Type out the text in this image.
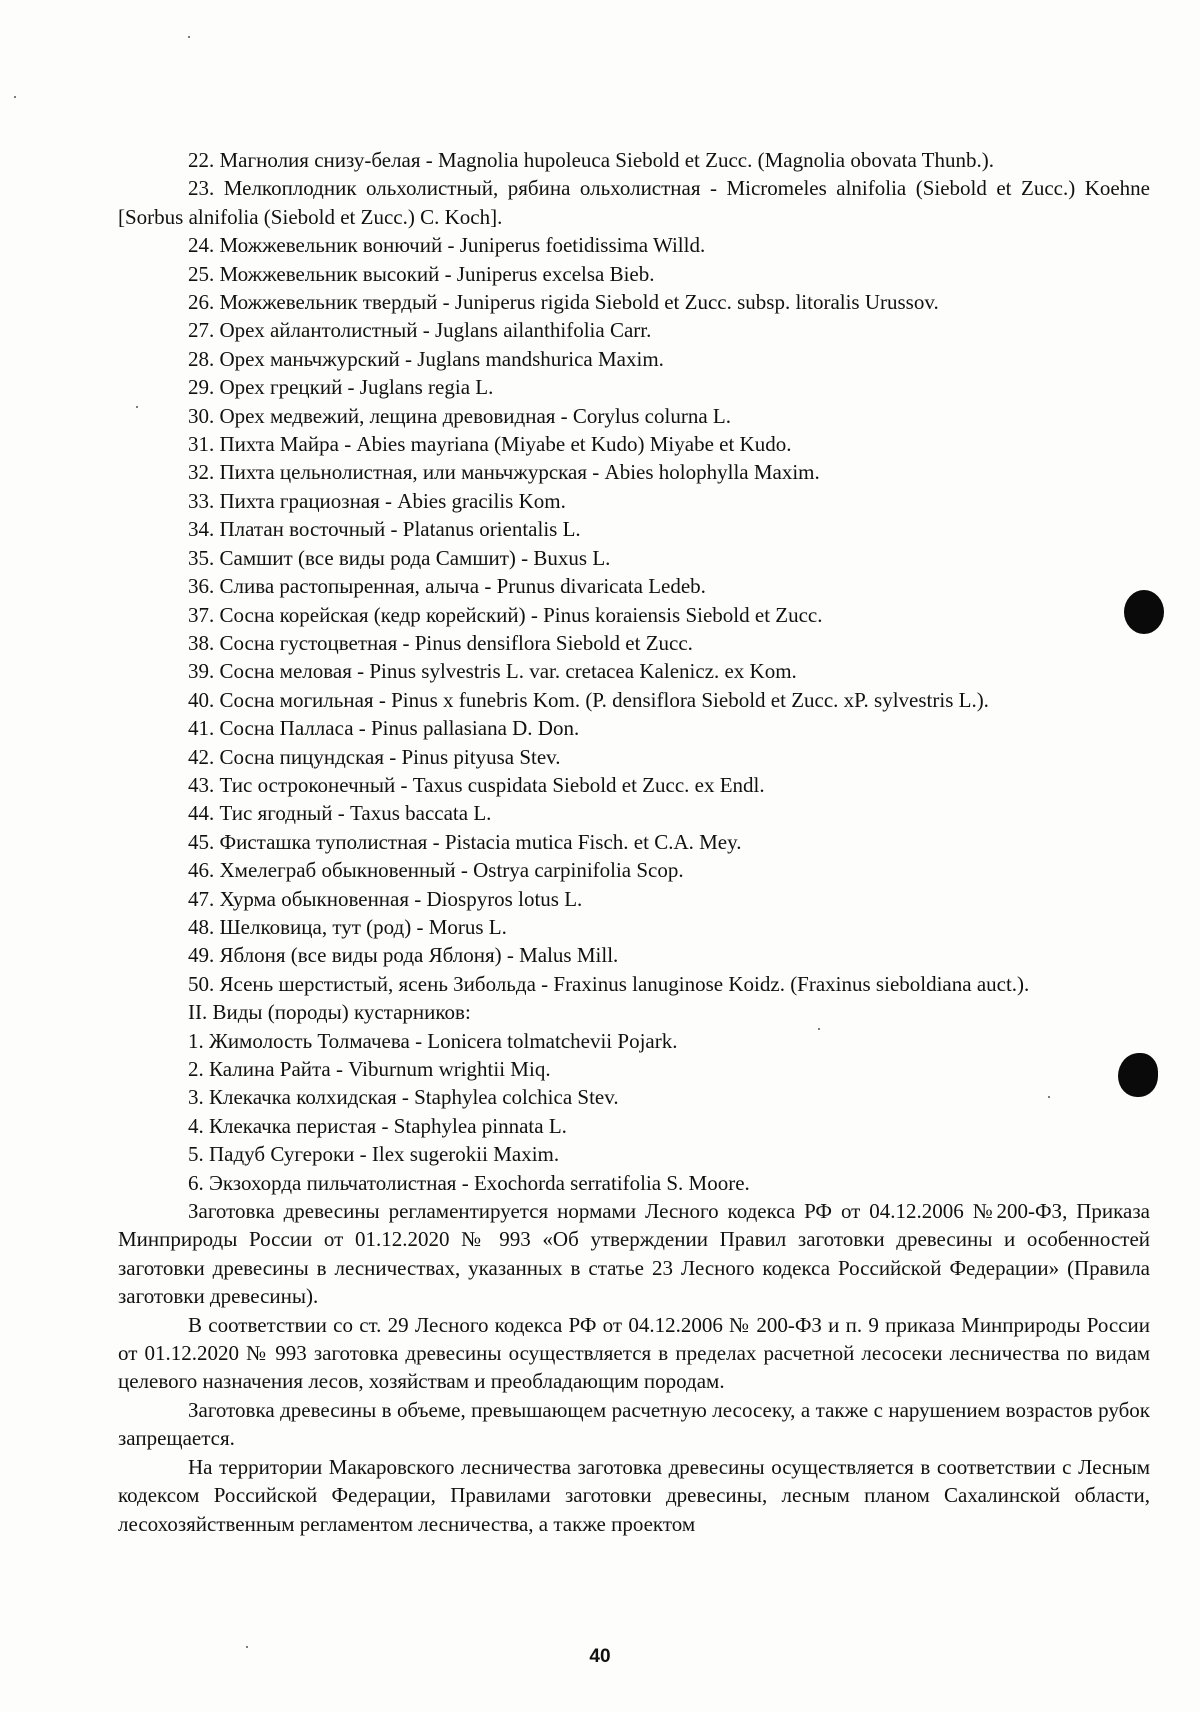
22. Магнолия снизу-белая - Magnolia hupoleuca Siebold et Zucc. (Magnolia obovata Thunb.).

23. Мелкоплодник ольхолистный, рябина ольхолистная - Micromeles alnifolia (Siebold et Zucc.) Koehne [Sorbus alnifolia (Siebold et Zucc.) C. Koch].

24. Можжевельник вонючий - Juniperus foetidissima Willd.

25. Можжевельник высокий - Juniperus excelsa Bieb.

26. Можжевельник твердый - Juniperus rigida Siebold et Zucc. subsp. litoralis Urussov.

27. Орех айлантолистный - Juglans ailanthifolia Carr.

28. Орех маньчжурский - Juglans mandshurica Maxim.

29. Орех грецкий - Juglans regia L.

30. Орех медвежий, лещина древовидная - Corylus colurna L.

31. Пихта Майра - Abies mayriana (Miyabe et Kudo) Miyabe et Kudo.

32. Пихта цельнолистная, или маньчжурская - Abies holophylla Maxim.

33. Пихта грациозная - Abies gracilis Kom.

34. Платан восточный - Platanus orientalis L.

35. Самшит (все виды рода Самшит) - Buxus L.

36. Слива растопыренная, алыча - Prunus divaricata Ledeb.

37. Сосна корейская (кедр корейский) - Pinus koraiensis Siebold et Zucc.

38. Сосна густоцветная - Pinus densiflora Siebold et Zucc.

39. Сосна меловая - Pinus sylvestris L. var. cretacea Kalenicz. ex Kom.

40. Сосна могильная - Pinus x funebris Kom. (P. densiflora Siebold et Zucc. xP. sylvestris L.).

41. Сосна Палласа - Pinus pallasiana D. Don.

42. Сосна пицундская - Pinus pityusa Stev.

43. Тис остроконечный - Taxus cuspidata Siebold et Zucc. ex Endl.

44. Тис ягодный - Taxus baccata L.

45. Фисташка туполистная - Pistacia mutica Fisch. et C.A. Mey.

46. Хмелеграб обыкновенный - Ostrya carpinifolia Scop.

47. Хурма обыкновенная - Diospyros lotus L.

48. Шелковица, тут (род) - Morus L.

49. Яблоня (все виды рода Яблоня) - Malus Mill.

50. Ясень шерстистый, ясень Зибольда - Fraxinus lanuginose Koidz. (Fraxinus sieboldiana auct.).

II. Виды (породы) кустарников:

1. Жимолость Толмачева - Lonicera tolmatchevii Pojark.

2. Калина Райта - Viburnum wrightii Miq.

3. Клекачка колхидская - Staphylea colchica Stev.

4. Клекачка перистая - Staphylea pinnata L.

5. Падуб Сугероки - Ilex sugerokii Maxim.

6. Экзохорда пильчатолистная - Exochorda serratifolia S. Moore.

Заготовка древесины регламентируется нормами Лесного кодекса РФ от 04.12.2006 №200-ФЗ, Приказа Минприроды России от 01.12.2020 № 993 «Об утверждении Правил заготовки древесины и особенностей заготовки древесины в лесничествах, указанных в статье 23 Лесного кодекса Российской Федерации» (Правила заготовки древесины).

В соответствии со ст. 29 Лесного кодекса РФ от 04.12.2006 № 200-ФЗ и п. 9 приказа Минприроды России от 01.12.2020 № 993 заготовка древесины осуществляется в пределах расчетной лесосеки лесничества по видам целевого назначения лесов, хозяйствам и преобладающим породам.

Заготовка древесины в объеме, превышающем расчетную лесосеку, а также с нарушением возрастов рубок запрещается.

На территории Макаровского лесничества заготовка древесины осуществляется в соответствии с Лесным кодексом Российской Федерации, Правилами заготовки древесины, лесным планом Сахалинской области, лесохозяйственным регламентом лесничества, а также проектом

40
